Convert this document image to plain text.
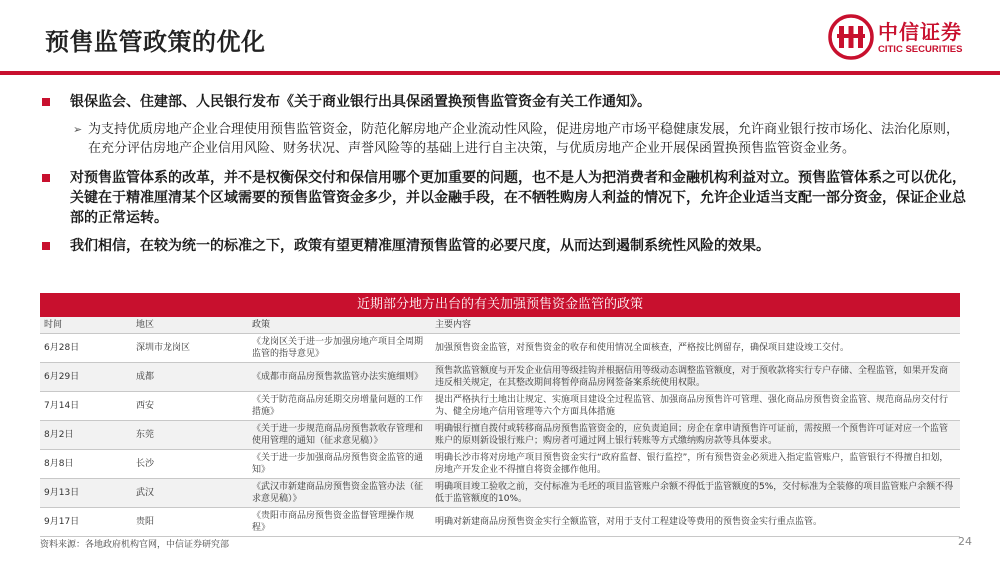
预售监管政策的优化	中信证券
CITIC SECURITIES
银保监会、住建部、人民银行发布《关于商业银行出具保函置换预售监管资金有关工作通知》。
➢ 为支持优质房地产企业合理使用预售监管资金，防范化解房地产企业流动性风险，促进房地产市场平稳健康发展，允许商业银行按市场化、法治化原则，在充分评估房地产企业信用风险、财务状况、声誉风险等的基础上进行自主决策，与优质房地产企业开展保函置换预售监管资金业务。
对预售监管体系的改革，并不是权衡保交付和保信用哪个更加重要的问题，也不是人为把消费者和金融机构利益对立。预售监管体系之可以优化，关键在于精准厘清某个区域需要的预售监管资金多少，并以金融手段，在不牺牲购房人利益的情况下，允许企业适当支配一部分资金，保证企业总部的正常运转。
我们相信，在较为统一的标准之下，政策有望更精准厘清预售监管的必要尺度，从而达到遏制系统性风险的效果。
近期部分地方出台的有关加强预售资金监管的政策
时间	地区	政策	主要内容
6月28日	深圳市龙岗区	《龙岗区关于进一步加强房地产项目全周期监管的指导意见》	加强预售资金监管，对预售资金的收存和使用情况全面核查，严格按比例留存，确保项目建设竣工交付。
6月29日	成都	《成都市商品房预售款监管办法实施细则》	预售款监管额度与开发企业信用等级挂钩并根据信用等级动态调整监管额度，对于预收款将实行专户存储、全程监管，如果开发商违反相关规定，在其整改期间将暂停商品房网签备案系统使用权限。
7月14日	西安	《关于防范商品房延期交房增量问题的工作措施》	提出严格执行土地出让规定、实施项目建设全过程监管、加强商品房预售许可管理、强化商品房预售资金监管、规范商品房交付行为、健全房地产信用管理等六个方面具体措施
8月2日	东莞	《关于进一步规范商品房预售款收存管理和使用管理的通知（征求意见稿）》	明确银行擅自拨付或转移商品房预售监管资金的，应负责追回；房企在拿申请预售许可证前，需按照一个预售许可证对应一个监管账户的原则新设银行账户；购房者可通过网上银行转账等方式缴纳购房款等具体要求。
8月8日	长沙	《关于进一步加强商品房预售资金监管的通知》	明确长沙市将对房地产项目预售资金实行“政府监督、银行监控”，所有预售资金必须进入指定监管账户，监管银行不得擅自扣划，房地产开发企业不得擅自将资金挪作他用。
9月13日	武汉	《武汉市新建商品房预售资金监管办法（征求意见稿）》	明确项目竣工验收之前，交付标准为毛坯的项目监管账户余额不得低于监管额度的5%，交付标准为全装修的项目监管账户余额不得低于监管额度的10%。
9月17日	贵阳	《贵阳市商品房预售资金监督管理操作规程》	明确对新建商品房预售资金实行全额监管，对用于支付工程建设等费用的预售资金实行重点监管。
资料来源：各地政府机构官网，中信证券研究部	24
